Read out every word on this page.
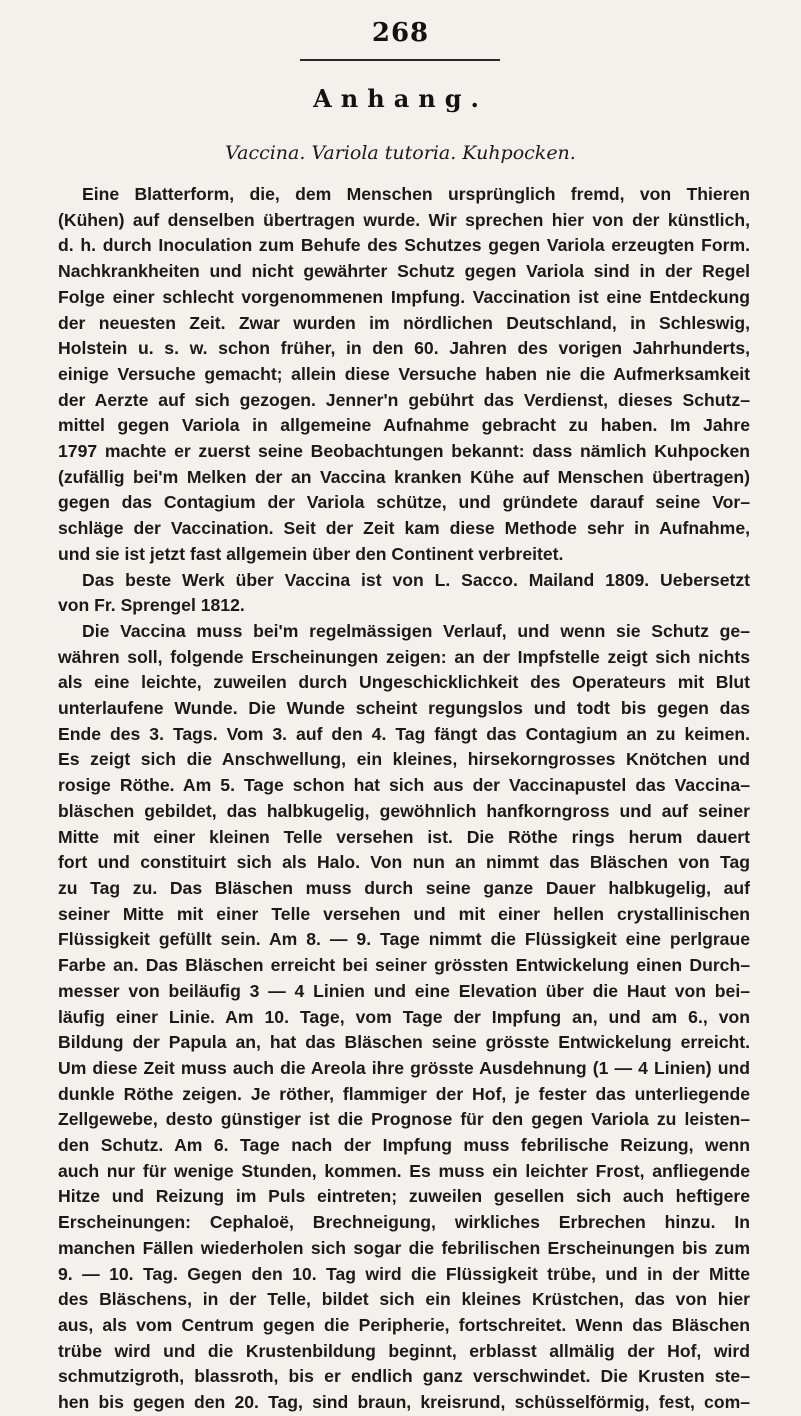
268
Anhang.
Vaccina. Variola tutoria. Kuhpocken.
Eine Blatterform, die, dem Menschen ursprünglich fremd, von Thieren
(Kühen) auf denselben übertragen wurde. Wir sprechen hier von der künstlich,
d. h. durch Inoculation zum Behufe des Schutzes gegen Variola erzeugten Form.
Nachkrankheiten und nicht gewährter Schutz gegen Variola sind in der Regel
Folge einer schlecht vorgenommenen Impfung. Vaccination ist eine Entdeckung
der neuesten Zeit. Zwar wurden im nördlichen Deutschland, in Schleswig,
Holstein u. s. w. schon früher, in den 60. Jahren des vorigen Jahrhunderts,
einige Versuche gemacht; allein diese Versuche haben nie die Aufmerksamkeit
der Aerzte auf sich gezogen. Jenner'n gebührt das Verdienst, dieses Schutz–
mittel gegen Variola in allgemeine Aufnahme gebracht zu haben. Im Jahre
1797 machte er zuerst seine Beobachtungen bekannt: dass nämlich Kuhpocken
(zufällig bei'm Melken der an Vaccina kranken Kühe auf Menschen übertragen)
gegen das Contagium der Variola schütze, und gründete darauf seine Vor–
schläge der Vaccination. Seit der Zeit kam diese Methode sehr in Aufnahme,
und sie ist jetzt fast allgemein über den Continent verbreitet.
Das beste Werk über Vaccina ist von L. Sacco. Mailand 1809. Uebersetzt
von Fr. Sprengel 1812.
Die Vaccina muss bei'm regelmässigen Verlauf, und wenn sie Schutz ge–
währen soll, folgende Erscheinungen zeigen: an der Impfstelle zeigt sich nichts
als eine leichte, zuweilen durch Ungeschicklichkeit des Operateurs mit Blut
unterlaufene Wunde. Die Wunde scheint regungslos und todt bis gegen das
Ende des 3. Tags. Vom 3. auf den 4. Tag fängt das Contagium an zu keimen.
Es zeigt sich die Anschwellung, ein kleines, hirsekorngrosses Knötchen und
rosige Röthe. Am 5. Tage schon hat sich aus der Vaccinapustel das Vaccina–
bläschen gebildet, das halbkugelig, gewöhnlich hanfkorngross und auf seiner
Mitte mit einer kleinen Telle versehen ist. Die Röthe rings herum dauert
fort und constituirt sich als Halo. Von nun an nimmt das Bläschen von Tag
zu Tag zu. Das Bläschen muss durch seine ganze Dauer halbkugelig, auf
seiner Mitte mit einer Telle versehen und mit einer hellen crystallinischen
Flüssigkeit gefüllt sein. Am 8. — 9. Tage nimmt die Flüssigkeit eine perlgraue
Farbe an. Das Bläschen erreicht bei seiner grössten Entwickelung einen Durch–
messer von beiläufig 3 — 4 Linien und eine Elevation über die Haut von bei–
läufig einer Linie. Am 10. Tage, vom Tage der Impfung an, und am 6., von
Bildung der Papula an, hat das Bläschen seine grösste Entwickelung erreicht.
Um diese Zeit muss auch die Areola ihre grösste Ausdehnung (1 — 4 Linien) und
dunkle Röthe zeigen. Je röther, flammiger der Hof, je fester das unterliegende
Zellgewebe, desto günstiger ist die Prognose für den gegen Variola zu leisten–
den Schutz. Am 6. Tage nach der Impfung muss febrilische Reizung, wenn
auch nur für wenige Stunden, kommen. Es muss ein leichter Frost, anfliegende
Hitze und Reizung im Puls eintreten; zuweilen gesellen sich auch heftigere
Erscheinungen: Cephaloë, Brechneigung, wirkliches Erbrechen hinzu. In
manchen Fällen wiederholen sich sogar die febrilischen Erscheinungen bis zum
9. — 10. Tag. Gegen den 10. Tag wird die Flüssigkeit trübe, und in der Mitte
des Bläschens, in der Telle, bildet sich ein kleines Krüstchen, das von hier
aus, als vom Centrum gegen die Peripherie, fortschreitet. Wenn das Bläschen
trübe wird und die Krustenbildung beginnt, erblasst allmälig der Hof, wird
schmutzigroth, blassroth, bis er endlich ganz verschwindet. Die Krusten ste–
hen bis gegen den 20. Tag, sind braun, kreisrund, schüsselförmig, fest, com–
